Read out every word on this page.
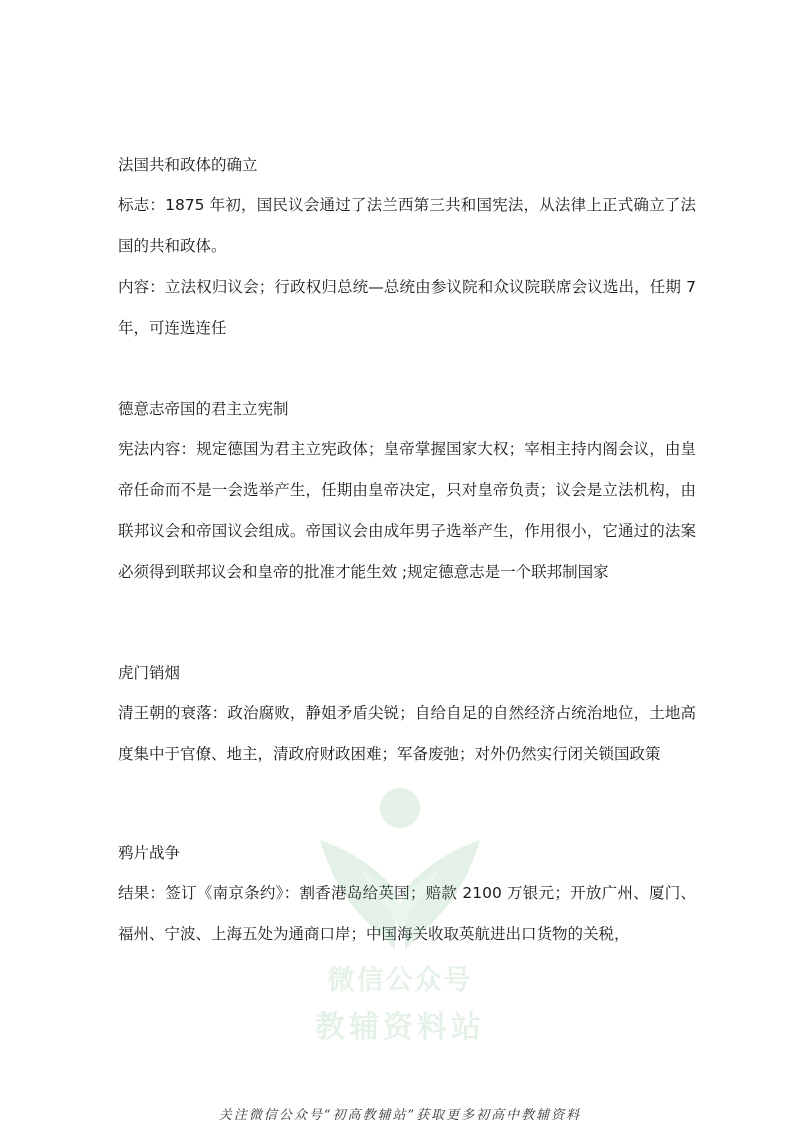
法国共和政体的确立

标志：1875 年初，国民议会通过了法兰西第三共和国宪法，从法律上正式确立了法国的共和政体。

内容：立法权归议会；行政权归总统—总统由参议院和众议院联席会议选出，任期 7 年，可连选连任

德意志帝国的君主立宪制

宪法内容：规定德国为君主立宪政体；皇帝掌握国家大权；宰相主持内阁会议，由皇帝任命而不是一会选举产生，任期由皇帝决定，只对皇帝负责；议会是立法机构，由联邦议会和帝国议会组成。帝国议会由成年男子选举产生，作用很小，它通过的法案必须得到联邦议会和皇帝的批准才能生效 ;规定德意志是一个联邦制国家

虎门销烟

清王朝的衰落：政治腐败，静姐矛盾尖锐；自给自足的自然经济占统治地位，土地高度集中于官僚、地主，清政府财政困难；军备废弛；对外仍然实行闭关锁国政策

鸦片战争

结果：签订《南京条约》：割香港岛给英国；赔款 2100 万银元；开放广州、厦门、福州、宁波、上海五处为通商口岸；中国海关收取英航进出口货物的关税，

微信公众号
教辅资料站
关注微信公众号“初高教辅站”获取更多初高中教辅资料
